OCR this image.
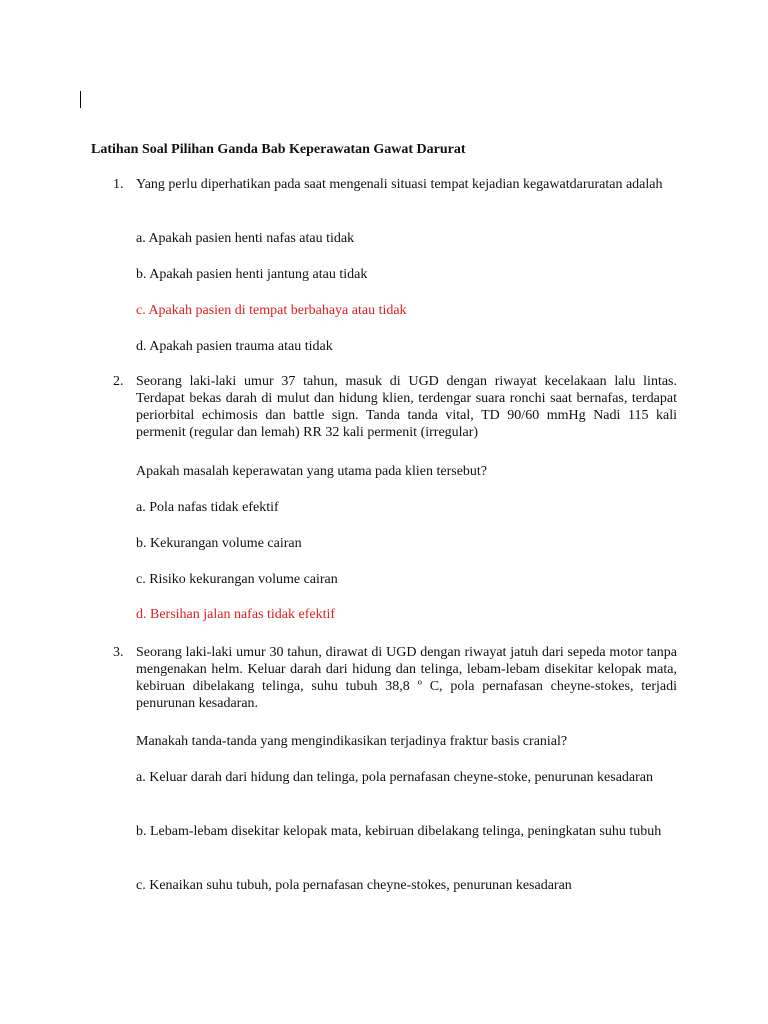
Latihan Soal Pilihan Ganda Bab Keperawatan Gawat Darurat
1. Yang perlu diperhatikan pada saat mengenali situasi tempat kejadian kegawatdaruratan adalah
a. Apakah pasien henti nafas atau tidak
b. Apakah pasien henti jantung atau tidak
c. Apakah pasien di tempat berbahaya atau tidak
d. Apakah pasien trauma atau tidak
2. Seorang laki-laki umur 37 tahun, masuk di UGD dengan riwayat kecelakaan lalu lintas. Terdapat bekas darah di mulut dan hidung klien, terdengar suara ronchi saat bernafas, terdapat periorbital echimosis dan battle sign. Tanda tanda vital, TD 90/60 mmHg Nadi 115 kali permenit (regular dan lemah) RR 32 kali permenit (irregular)
Apakah masalah keperawatan yang utama pada klien tersebut?
a. Pola nafas tidak efektif
b. Kekurangan volume cairan
c. Risiko kekurangan volume cairan
d. Bersihan jalan nafas tidak efektif
3. Seorang laki-laki umur 30 tahun, dirawat di UGD dengan riwayat jatuh dari sepeda motor tanpa mengenakan helm. Keluar darah dari hidung dan telinga, lebam-lebam disekitar kelopak mata, kebiruan dibelakang telinga, suhu tubuh 38,8 º C, pola pernafasan cheyne-stokes, terjadi penurunan kesadaran.
Manakah tanda-tanda yang mengindikasikan terjadinya fraktur basis cranial?
a. Keluar darah dari hidung dan telinga, pola pernafasan cheyne-stoke, penurunan kesadaran
b. Lebam-lebam disekitar kelopak mata, kebiruan dibelakang telinga, peningkatan suhu tubuh
c. Kenaikan suhu tubuh, pola pernafasan cheyne-stokes, penurunan kesadaran
